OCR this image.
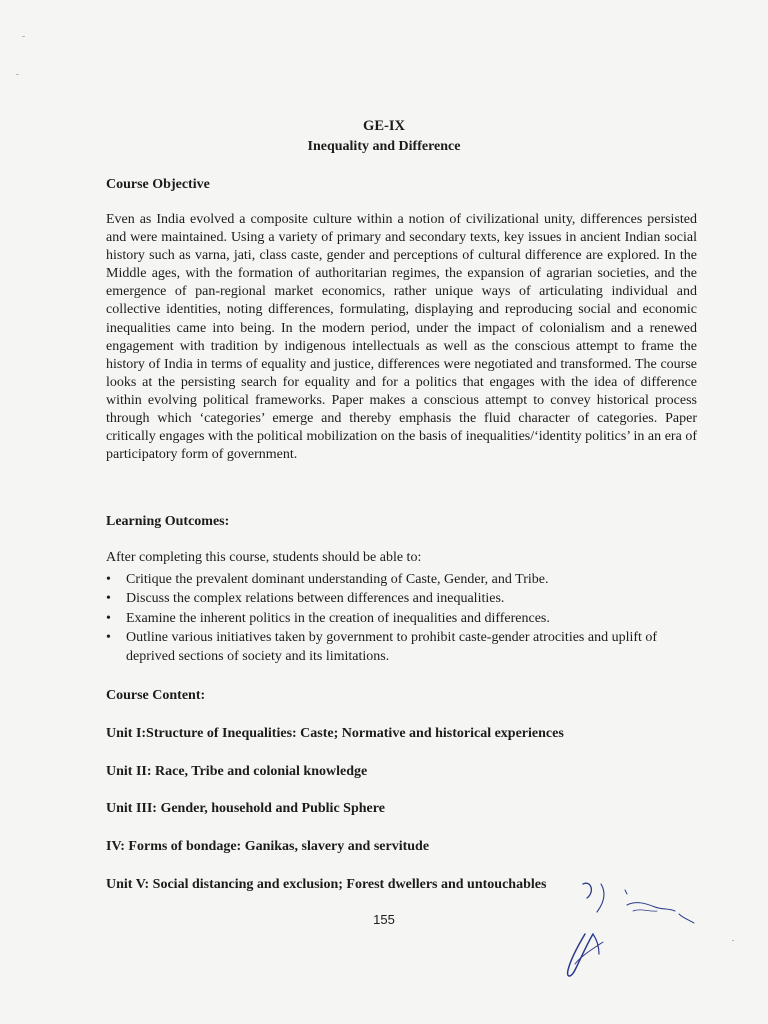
GE-IX
Inequality and Difference
Course Objective

Even as India evolved a composite culture within a notion of civilizational unity, differences persisted and were maintained. Using a variety of primary and secondary texts, key issues in ancient Indian social history such as varna, jati, class caste, gender and perceptions of cultural difference are explored. In the Middle ages, with the formation of authoritarian regimes, the expansion of agrarian societies, and the emergence of pan-regional market economics, rather unique ways of articulating individual and collective identities, noting differences, formulating, displaying and reproducing social and economic inequalities came into being. In the modern period, under the impact of colonialism and a renewed engagement with tradition by indigenous intellectuals as well as the conscious attempt to frame the history of India in terms of equality and justice, differences were negotiated and transformed. The course looks at the persisting search for equality and for a politics that engages with the idea of difference within evolving political frameworks. Paper makes a conscious attempt to convey historical process through which ‘categories’ emerge and thereby emphasis the fluid character of categories. Paper critically engages with the political mobilization on the basis of inequalities/‘identity politics’ in an era of participatory form of government.

Learning Outcomes:
After completing this course, students should be able to:
• Critique the prevalent dominant understanding of Caste, Gender, and Tribe.
• Discuss the complex relations between differences and inequalities.
• Examine the inherent politics in the creation of inequalities and differences.
• Outline various initiatives taken by government to prohibit caste-gender atrocities and uplift of deprived sections of society and its limitations.
Course Content:
Unit I:Structure of Inequalities: Caste; Normative and historical experiences
Unit II: Race, Tribe and colonial knowledge
Unit III: Gender, household and Public Sphere
IV: Forms of bondage: Ganikas, slavery and servitude
Unit V: Social distancing and exclusion; Forest dwellers and untouchables
155
